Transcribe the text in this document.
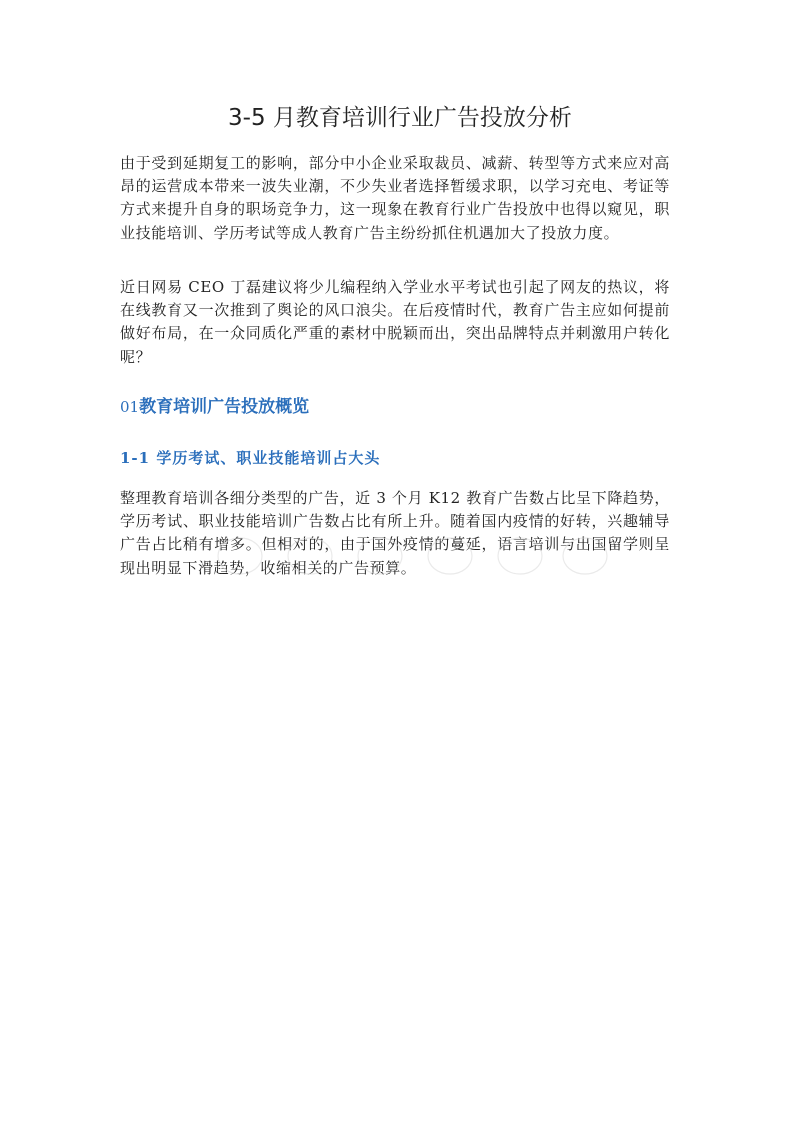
3-5 月教育培训行业广告投放分析

由于受到延期复工的影响，部分中小企业采取裁员、减薪、转型等方式来应对高昂的运营成本带来一波失业潮，不少失业者选择暂缓求职，以学习充电、考证等方式来提升自身的职场竞争力，这一现象在教育行业广告投放中也得以窥见，职业技能培训、学历考试等成人教育广告主纷纷抓住机遇加大了投放力度。

近日网易 CEO 丁磊建议将少儿编程纳入学业水平考试也引起了网友的热议，将在线教育又一次推到了舆论的风口浪尖。在后疫情时代，教育广告主应如何提前做好布局，在一众同质化严重的素材中脱颖而出，突出品牌特点并刺激用户转化呢？

01教育培训广告投放概览
1-1 学历考试、职业技能培训占大头

整理教育培训各细分类型的广告，近 3 个月 K12 教育广告数占比呈下降趋势，学历考试、职业技能培训广告数占比有所上升。随着国内疫情的好转，兴趣辅导广告占比稍有增多。但相对的，由于国外疫情的蔓延，语言培训与出国留学则呈现出明显下滑趋势，收缩相关的广告预算。
